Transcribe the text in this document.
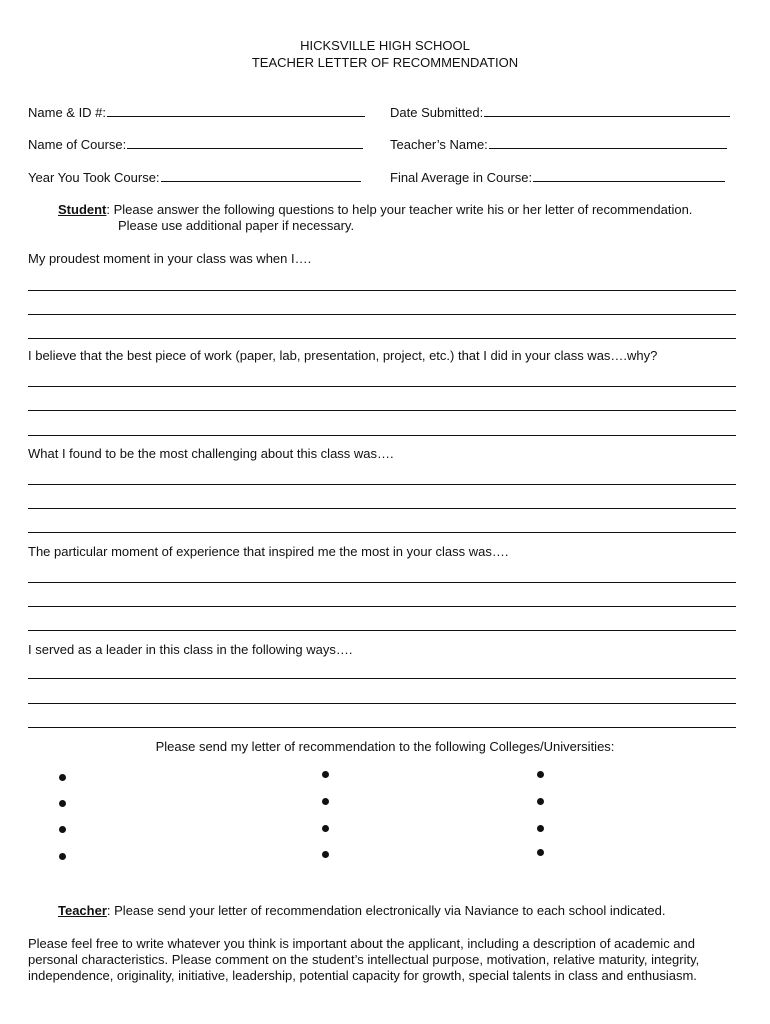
HICKSVILLE HIGH SCHOOL
TEACHER LETTER OF RECOMMENDATION
Name & ID #:	Date Submitted:
Name of Course:	Teacher’s Name:
Year You Took Course:	Final Average in Course:
Student: Please answer the following questions to help your teacher write his or her letter of recommendation.
Please use additional paper if necessary.
My proudest moment in your class was when I….
I believe that the best piece of work (paper, lab, presentation, project, etc.) that I did in your class was….why?
What I found to be the most challenging about this class was….
The particular moment of experience that inspired me the most in your class was….
I served as a leader in this class in the following ways….
Please send my letter of recommendation to the following Colleges/Universities:
Teacher: Please send your letter of recommendation electronically via Naviance to each school indicated.
Please feel free to write whatever you think is important about the applicant, including a description of academic and personal characteristics. Please comment on the student’s intellectual purpose, motivation, relative maturity, integrity, independence, originality, initiative, leadership, potential capacity for growth, special talents in class and enthusiasm.
